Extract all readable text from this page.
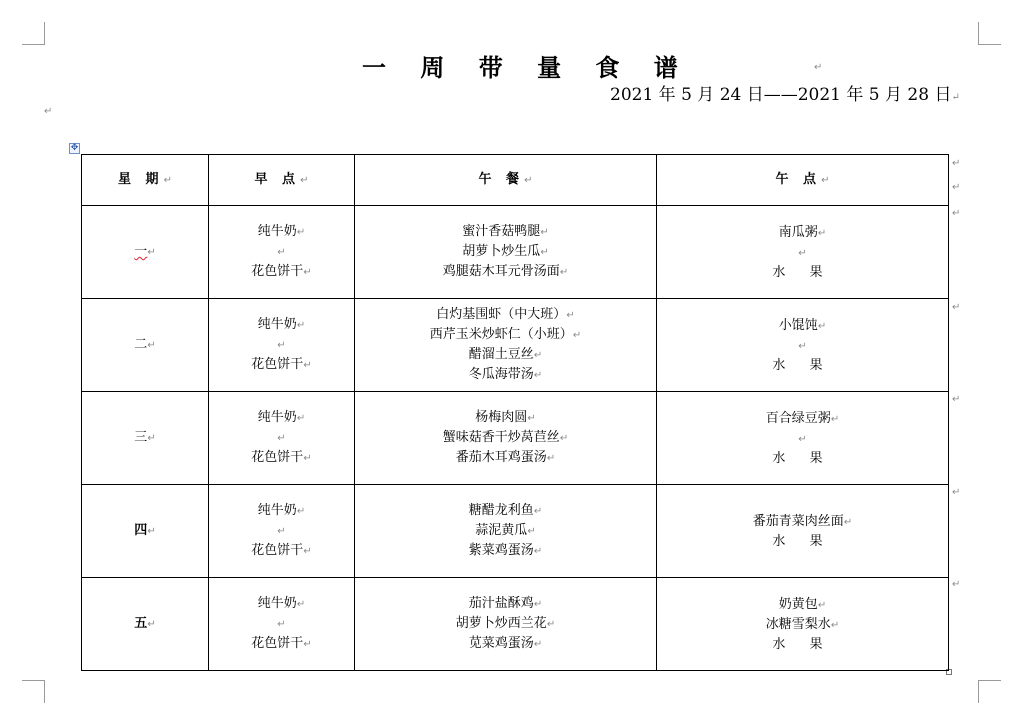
一 周 带 量 食 谱	↵
2021 年 5 月 24 日——2021 年 5 月 28 日↵
↵
✥
星 期↵	早 点↵	午 餐↵	午 点↵
一↵	纯牛奶↵
↵
花色饼干↵	蜜汁香菇鸭腿↵
胡萝卜炒生瓜↵
鸡腿菇木耳元骨汤面↵	南瓜粥↵
↵
水 果

二↵	纯牛奶↵
↵
花色饼干↵	白灼基围虾（中大班）↵
西芹玉米炒虾仁（小班）↵
醋溜土豆丝↵
冬瓜海带汤↵	小馄饨↵
↵
水 果

三↵	纯牛奶↵
↵
花色饼干↵	杨梅肉圆↵
蟹味菇香干炒莴苣丝↵
番茄木耳鸡蛋汤↵	百合绿豆粥↵
↵
水 果

四↵	纯牛奶↵
↵
花色饼干↵	糖醋龙利鱼↵
蒜泥黄瓜↵
紫菜鸡蛋汤↵	番茄青菜肉丝面↵
水 果

五↵	纯牛奶↵
↵
花色饼干↵	茄汁盐酥鸡↵
胡萝卜炒西兰花↵
苋菜鸡蛋汤↵	奶黄包↵
冰糖雪梨水↵
水 果
↵
↵
↵
↵
↵
↵
↵
